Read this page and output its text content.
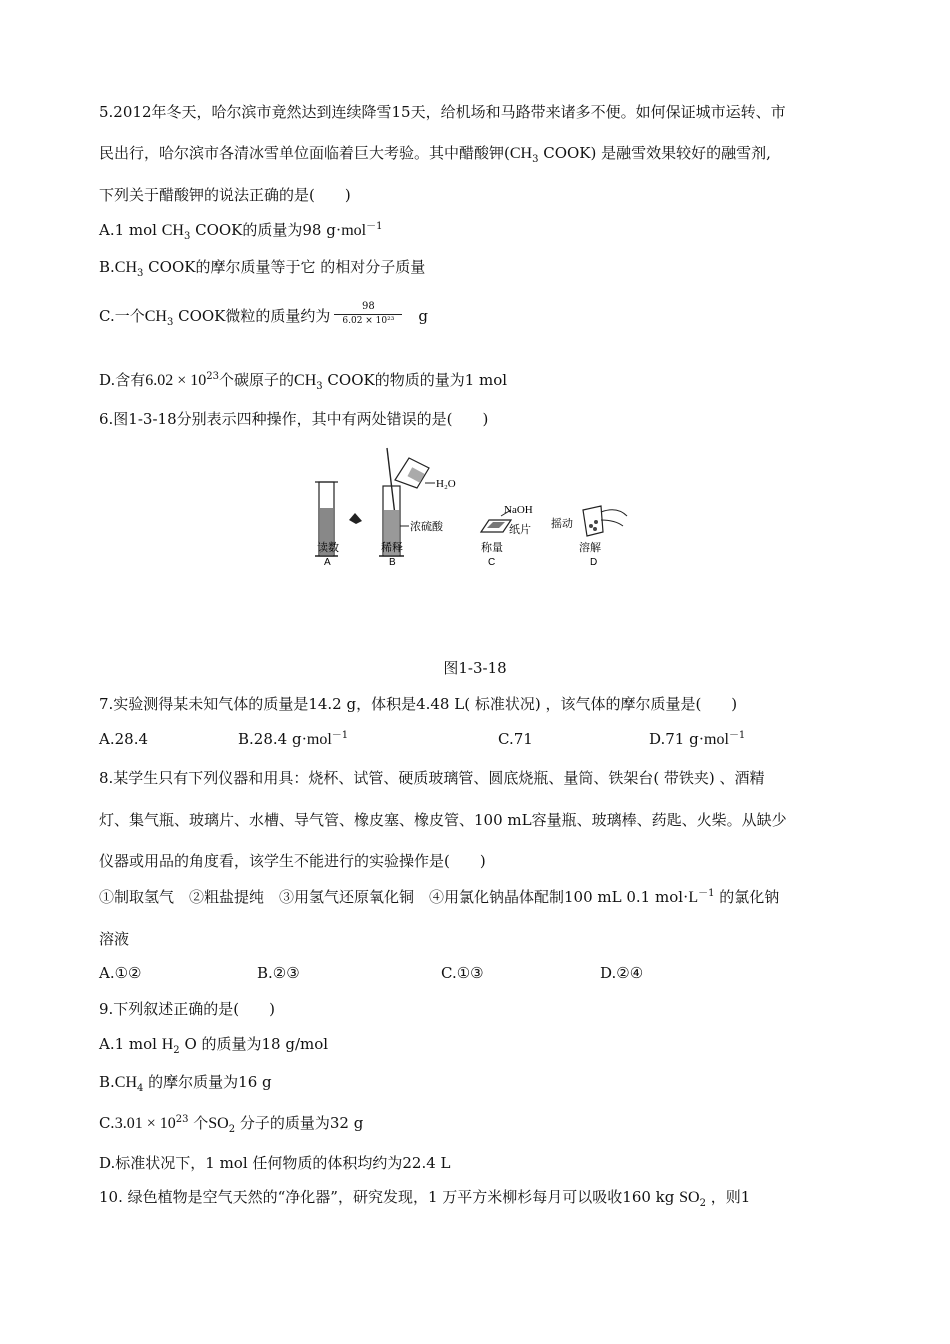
5.2012年冬天，哈尔滨市竟然达到连续降雪15天，给机场和马路带来诸多不便。如何保证城市运转、市
民出行，哈尔滨市各清冰雪单位面临着巨大考验。其中醋酸钾($CH_3$ COOK) 是融雪效果较好的融雪剂,
下列关于醋酸钾的说法正确的是(　　)
A.1 mol $CH_3$ COOK的质量为98 g·mol$^{-1}$
$B.CH_3$ COOK的摩尔质量等于它 的相对分子质量
C.一个$CH_3$ COOK微粒的质量约为 $\frac{98}{\text{6.02 × 10²³}}$ g
D.含有$6.02 \times 10^{23}$个碳原子的$CH_3$ COOK的物质的量为1 mol
6.图1-3-18分别表示四种操作，其中有两处错误的是(　　)
读数
A
H₂O
浓硫酸
稀释
B
NaOH
纸片
称量
C
摇动
溶解
D
图1-3-18
7.实验测得某未知气体的质量是14.2 g，体积是4.48 L( 标准状况) ，该气体的摩尔质量是(　　)
A.28.4	B.28.4 g·mol$^{-1}$	C.71	D.71 g·mol$^{-1}$
8.某学生只有下列仪器和用具：烧杯、试管、硬质玻璃管、圆底烧瓶、量筒、铁架台( 带铁夹) 、酒精
灯、集气瓶、玻璃片、水槽、导气管、橡皮塞、橡皮管、100 mL容量瓶、玻璃棒、药匙、火柴。从缺少
仪器或用品的角度看，该学生不能进行的实验操作是(　　)
①制取氢气　②粗盐提纯　③用氢气还原氧化铜　④用氯化钠晶体配制100 mL 0.1 $mol\cdot L^{-1}$ 的氯化钠
溶液
A.①②	B.②③	C.①③	D.②④
9.下列叙述正确的是(　　)
A.1 mol $H_2$ O 的质量为18 g/mol
$B.CH_4$ 的摩尔质量为16 g
$C.3.01 \times 10^{23}$ 个$SO_2$ 分子的质量为32 g
D.标准状况下，1 mol 任何物质的体积均约为22.4 L
10. 绿色植物是空气天然的“净化器”，研究发现，1 万平方米柳杉每月可以吸收160 kg $SO_2$ ，则1
